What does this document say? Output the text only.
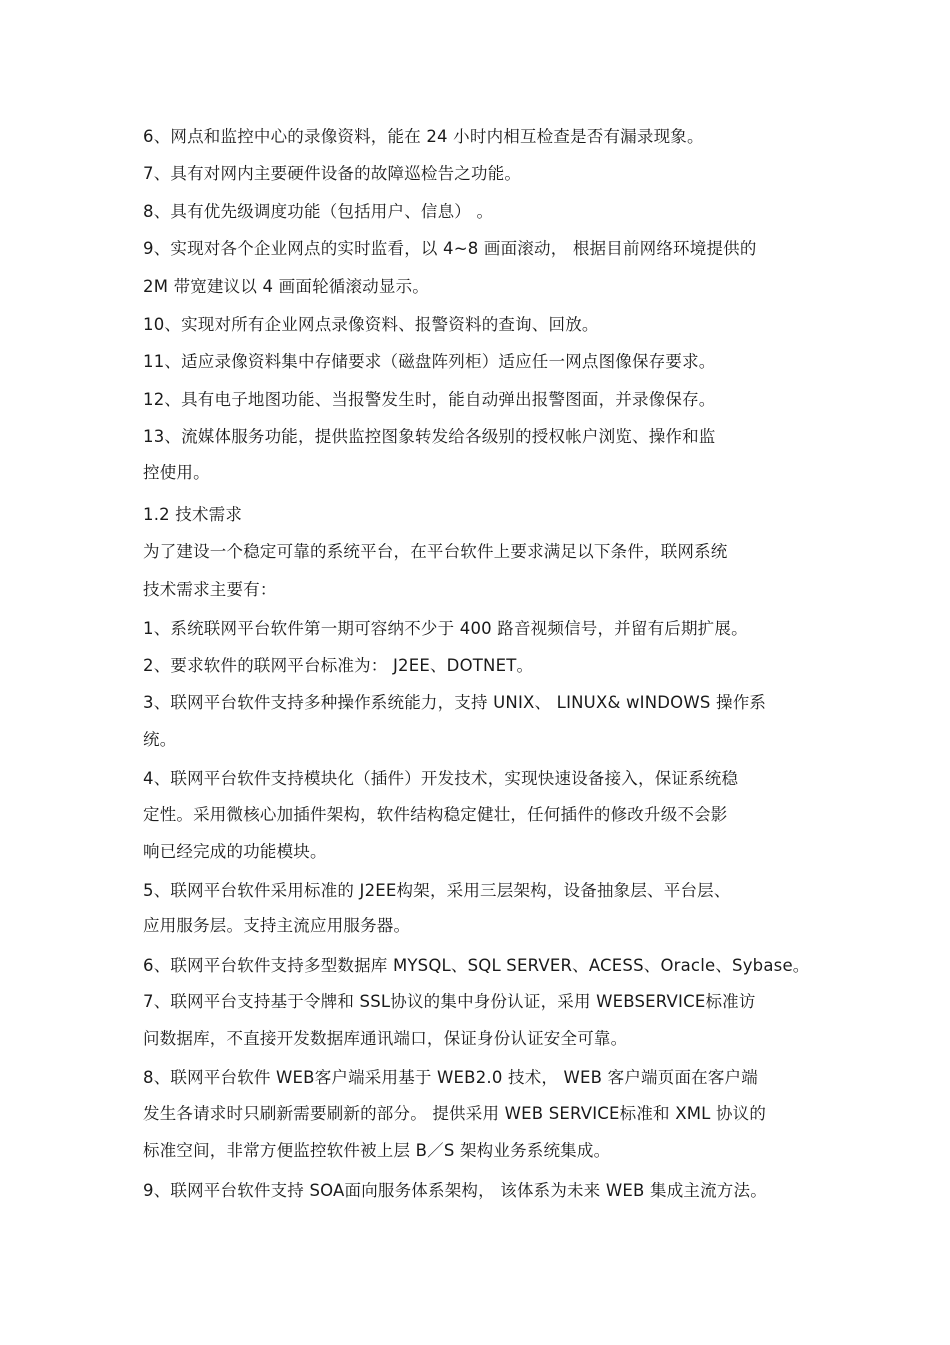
6、网点和监控中心的录像资料，能在 24 小时内相互检查是否有漏录现象。
7、具有对网内主要硬件设备的故障巡检告之功能。
8、具有优先级调度功能（包括用户、信息） 。
9、实现对各个企业网点的实时监看，以 4~8 画面滚动， 根据目前网络环境提供的
2M 带宽建议以 4 画面轮循滚动显示。
10、实现对所有企业网点录像资料、报警资料的查询、回放。
11、适应录像资料集中存储要求（磁盘阵列柜）适应任一网点图像保存要求。
12、具有电子地图功能、当报警发生时，能自动弹出报警图面，并录像保存。
13、流媒体服务功能，提供监控图象转发给各级别的授权帐户浏览、操作和监
控使用。
1.2 技术需求
为了建设一个稳定可靠的系统平台，在平台软件上要求满足以下条件，联网系统
技术需求主要有：
1、系统联网平台软件第一期可容纳不少于 400 路音视频信号，并留有后期扩展。
2、要求软件的联网平台标准为： J2EE、DOTNET。
3、联网平台软件支持多种操作系统能力，支持 UNIX、 LINUX& wINDOWS 操作系
统。
4、联网平台软件支持模块化（插件）开发技术，实现快速设备接入，保证系统稳
定性。采用微核心加插件架构，软件结构稳定健壮，任何插件的修改升级不会影
响已经完成的功能模块。
5、联网平台软件采用标准的 J2EE构架，采用三层架构，设备抽象层、平台层、
应用服务层。支持主流应用服务器。
6、联网平台软件支持多型数据库 MYSQL、SQL SERVER、ACESS、Oracle、Sybase。
7、联网平台支持基于令牌和 SSL协议的集中身份认证，采用 WEBSERVICE标准访
问数据库，不直接开发数据库通讯端口，保证身份认证安全可靠。
8、联网平台软件 WEB客户端采用基于 WEB2.0 技术， WEB 客户端页面在客户端
发生各请求时只刷新需要刷新的部分。 提供采用 WEB SERVICE标准和 XML 协议的
标准空间，非常方便监控软件被上层 B／S 架构业务系统集成。
9、联网平台软件支持 SOA面向服务体系架构， 该体系为未来 WEB 集成主流方法。
